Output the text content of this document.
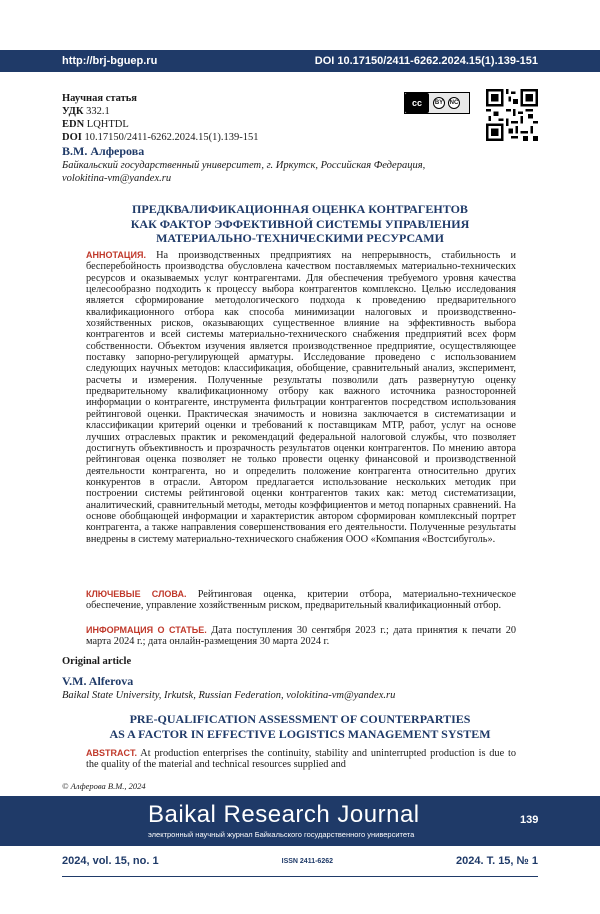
http://brj-bguep.ru	DOI 10.17150/2411-6262.2024.15(1).139-151
Научная статья
УДК 332.1
EDN LQHTDL
DOI 10.17150/2411-6262.2024.15(1).139-151
cc	BY	NC
В.М. Алферова
Байкальский государственный университет, г. Иркутск, Российская Федерация,
volokitina-vm@yandex.ru
ПРЕДКВАЛИФИКАЦИОННАЯ ОЦЕНКА КОНТРАГЕНТОВ
КАК ФАКТОР ЭФФЕКТИВНОЙ СИСТЕМЫ УПРАВЛЕНИЯ
МАТЕРИАЛЬНО-ТЕХНИЧЕСКИМИ РЕСУРСАМИ
АННОТАЦИЯ. На производственных предприятиях на непрерывность, стабильность и бесперебойность производства обусловлена качеством поставляемых материально-технических ресурсов и оказываемых услуг контрагентами. Для обеспечения требуемого уровня качества целесообразно подходить к процессу выбора контрагентов комплексно. Целью исследования является сформирование методологического подхода к проведению предварительного квалификационного отбора как способа минимизации налоговых и производственно-хозяйственных рисков, оказывающих существенное влияние на эффективность выбора контрагентов и всей системы материально-технического снабжения предприятий всех форм собственности. Объектом изучения является производственное предприятие, осуществляющее поставку запорно-регулирующей арматуры. Исследование проведено с использованием следующих научных методов: классификация, обобщение, сравнительный анализ, эксперимент, расчеты и измерения. Полученные результаты позволили дать развернутую оценку предварительному квалификационному отбору как важного источника разносторонней информации о контрагенте, инструмента фильтрации контрагентов посредством использования рейтинговой оценки. Практическая значимость и новизна заключается в систематизации и классификации критерий оценки и требований к поставщикам МТР, работ, услуг на основе лучших отраслевых практик и рекомендаций федеральной налоговой службы, что позволяет достигнуть объективность и прозрачность результатов оценки контрагентов. По мнению автора рейтинговая оценка позволяет не только провести оценку финансовой и производственной деятельности контрагента, но и определить положение контрагента относительно других конкурентов в отрасли. Автором предлагается использование нескольких методик при построении системы рейтинговой оценки контрагентов таких как: метод систематизации, аналитический, сравнительный методы, методы коэффициентов и метод попарных сравнений. На основе обобщающей информации и характеристик автором сформирован комплексный портрет контрагента, а также направления совершенствования его деятельности. Полученные результаты внедрены в систему материально-технического снабжения ООО «Компания «Востсибуголь».
КЛЮЧЕВЫЕ СЛОВА. Рейтинговая оценка, критерии отбора, материально-техническое обеспечение, управление хозяйственным риском, предварительный квалификационный отбор.
ИНФОРМАЦИЯ О СТАТЬЕ. Дата поступления 30 сентября 2023 г.; дата принятия к печати 20 марта 2024 г.; дата онлайн-размещения 30 марта 2024 г.
Original article
V.M. Alferova
Baikal State University, Irkutsk, Russian Federation, volokitina-vm@yandex.ru
PRE-QUALIFICATION ASSESSMENT OF COUNTERPARTIES
AS A FACTOR IN EFFECTIVE LOGISTICS MANAGEMENT SYSTEM
ABSTRACT. At production enterprises the continuity, stability and uninterrupted production is due to the quality of the material and technical resources supplied and
© Алферова В.М., 2024
Baikal Research Journal
электронный научный журнал Байкальского государственного университета
139
2024, vol. 15, no. 1	ISSN 2411-6262	2024. Т. 15, № 1
